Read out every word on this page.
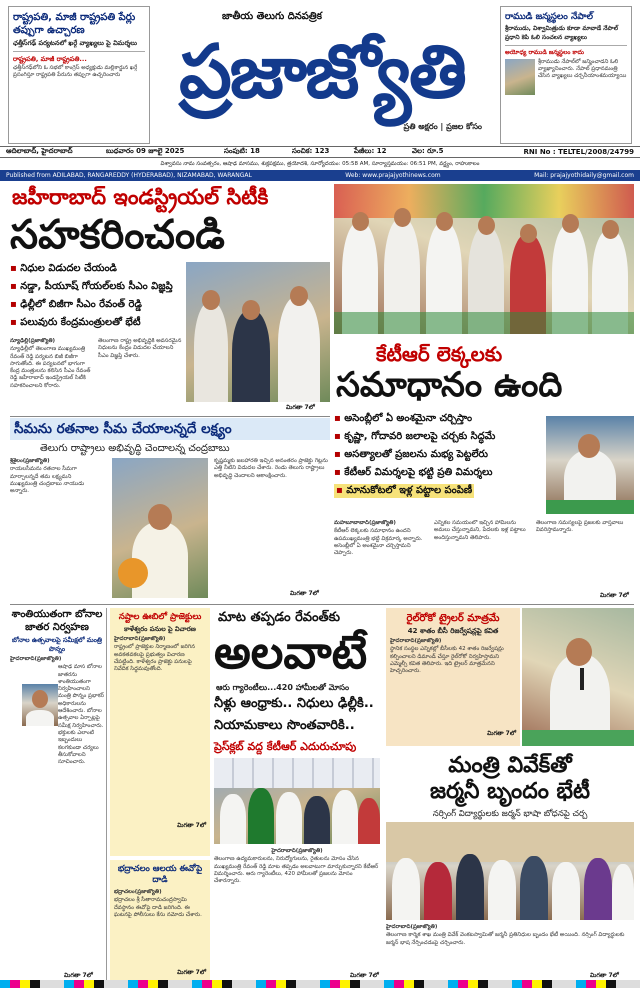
రాష్ట్రపతి, మాజీ రాష్ట్రపతి పేర్లు తప్పుగా ఉచ్చారణ
ఛత్తీస్‌గఢ్ పర్యటనలో ఖర్గే వ్యాఖ్యలు పై విమర్శలు
రాష్ట్రపతి, మాజీ రాష్ట్రపతి...
ఛత్తీస్‌గఢ్‌లోని ఓ సభలో కాంగ్రెస్ అధ్యక్షుడు మల్లికార్జున ఖర్గే ప్రసంగిస్తూ రాష్ట్రపతి పేరును తప్పుగా ఉచ్చరించారు
జాతీయ తెలుగు దినపత్రిక
ప్రజాజ్యోతి
ప్రతి అక్షరం | ప్రజల కోసం
రాముడి జన్మస్థలం నేపాల్
శ్రీరాముడు, విశ్వామిత్రుడు కూడా మావాడే నేపాల్ ప్రధాని కెపి ఓలి సంచలన వ్యాఖ్యలు
అయోధ్య రాముడి జన్మస్థలం కాదు
శ్రీరాముడు నేపాల్‌లో జన్మించాడని ఓలి వ్యాఖ్యానించారు. నేపాల్ ప్రధానమంత్రి చేసిన వ్యాఖ్యలు చర్చనీయాంశమయ్యాయి
ఆదిలాబాద్, హైదరాబాద్	బుధవారం 09 జూలై 2025	సంపుటి: 18	సంచిక: 123	పేజీలు: 12	వెల: రూ.5	RNI No : TELTEL/2008/24799
విశ్వావసు నామ సంవత్సరం, ఆషాఢ మాసము, శుక్లపక్షము, త్రయోదశి, సూర్యోదయం: 05:58 AM, సూర్యాస్తమయం: 06:51 PM, వర్జ్యం, రాహుకాలం
Published from ADILABAD, RANGAREDDY (HYDERABAD), NIZAMABAD, WARANGAL	Web: www.prajajyothinews.com	Mail: prajajyothidaily@gmail.com
జహీరాబాద్ ఇండస్ట్రియల్ సిటీకి
సహకరించండి
▪ నిధుల విడుదల చేయండి
▪ నడ్డా, పీయూష్ గోయల్‌లకు సీఎం విజ్ఞప్తి
▪ ఢిల్లీలో బిజీగా సీఎం రేవంత్ రెడ్డి
▪ పలువురు కేంద్రమంత్రులతో భేటీ

న్యూఢిల్లీ(ప్రజాజ్యోతి)

న్యూఢిల్లీలో తెలంగాణ ముఖ్యమంత్రి రేవంత్ రెడ్డి పర్యటన బిజీ బిజీగా సాగుతోంది. ఈ పర్యటనలో భాగంగా కేంద్ర మంత్రులను కలిసిన సీఎం రేవంత్ రెడ్డి జహీరాబాద్ ఇండస్ట్రియల్ సిటీకి సహకరించాలని కోరారు.

తెలంగాణ రాష్ట్ర అభివృద్ధికి అవసరమైన నిధులను కేంద్రం విడుదల చేయాలని సీఎం విజ్ఞప్తి చేశారు.

మిగతా 7లో
కేటీఆర్ లెక్కలకు
సమాధానం ఉంది
▪ అసెంబ్లీలో ఏ అంశమైనా చర్చిస్తాం
▪ కృష్ణా, గోదావరి జలాలపై చర్చకు సిద్ధమే
▪ అసత్యాలతో ప్రజలను మభ్య పెట్టలేరు
▪ కేటీఆర్ విమర్శలపై భట్టి ప్రతి విమర్శలు
▪ మానుకోటలో ఇళ్ల పట్టాల పంపిణీ

మహబూబాబాద్(ప్రజాజ్యోతి)

కేటీఆర్ లెక్కలకు సమాధానం ఉందని ఉపముఖ్యమంత్రి భట్టి విక్రమార్క అన్నారు. అసెంబ్లీలో ఏ అంశమైనా చర్చిస్తామని చెప్పారు.

ఎన్నికల సమయంలో ఇచ్చిన హామీలను అమలు చేస్తున్నామని, పేదలకు ఇళ్ల పట్టాలు అందిస్తున్నామని తెలిపారు.

తెలంగాణ సమస్యలపై ప్రజలకు వాస్తవాలు వివరిస్తామన్నారు.

మిగతా 7లో
సీమను రతనాల సీమ చేయాలన్నదే లక్ష్యం
తెలుగు రాష్ట్రాలు అభివృద్ధి చెందాలన్న చంద్రబాబు

శ్రీశైలం(ప్రజాజ్యోతి)

రాయలసీమను రతనాల సీమగా మార్చాలన్నదే తమ లక్ష్యమని ముఖ్యమంత్రి చంద్రబాబు నాయుడు అన్నారు.

కృష్ణమ్మకు జలహారతి ఇచ్చిన అనంతరం ప్రాజెక్టు గేట్లను ఎత్తి నీటిని విడుదల చేశారు. రెండు తెలుగు రాష్ట్రాలు అభివృద్ధి చెందాలని ఆకాంక్షించారు.

మిగతా 7లో
శాంతియుతంగా బోనాల జాతర నిర్వహణ
బోనాల ఉత్సవాలపై సమీక్షలో మంత్రి పొన్నం

హైదరాబాద్(ప్రజాజ్యోతి)

ఆషాఢ మాస బోనాల జాతరను శాంతియుతంగా నిర్వహించాలని మంత్రి పొన్నం ప్రభాకర్ అధికారులను ఆదేశించారు. బోనాల ఉత్సవాల ఏర్పాట్లపై సమీక్ష నిర్వహించారు. భక్తులకు ఎలాంటి ఇబ్బందులు కలగకుండా చర్యలు తీసుకోవాలని సూచించారు.

మిగతా 7లో
నష్టాల ఊబిలో ప్రాజెక్టులు
కాళేశ్వరం పనుల పై విచారణ

హైదరాబాద్(ప్రజాజ్యోతి)

రాష్ట్రంలో ప్రాజెక్టుల నిర్మాణంలో జరిగిన అవకతవకలపై ప్రభుత్వం విచారణ చేపట్టింది. కాళేశ్వరం ప్రాజెక్టు పనులపై నివేదిక సిద్ధమవుతోంది.

మిగతా 7లో
భద్రాచలం ఆలయ ఈవోపై దాడి

భద్రాచలం(ప్రజాజ్యోతి)

భద్రాచలం శ్రీ సీతారామచంద్రస్వామి దేవస్థానం ఈవోపై దాడి జరిగింది. ఈ ఘటనపై పోలీసులు కేసు నమోదు చేశారు.

మిగతా 7లో
మాట తప్పడం రేవంత్‌కు
అలవాటే
ఆరు గ్యారెంటీలు...420 హామీలతో మోసం
నీళ్లు ఆంధ్రాకు.. నిధులు ఢిల్లీకి..
నియామకాలు సొంతవారికి..
ప్రెస్‌క్లబ్ వద్ద కేటీఆర్ ఎదురుచూపు

హైదరాబాద్(ప్రజాజ్యోతి)

తెలంగాణ ఉద్యమకారులను, నిరుద్యోగులను, రైతులను మోసం చేసిన ముఖ్యమంత్రి రేవంత్ రెడ్డి మాట తప్పడం అలవాటుగా మార్చుకున్నారని కేటీఆర్ విమర్శించారు. ఆరు గ్యారెంటీలు, 420 హామీలతో ప్రజలను మోసం చేశారన్నారు.

మిగతా 7లో
రైల్‌రోకో ట్రైలర్ మాత్రమే
42 శాతం బీసీ రిజర్వేషన్లపై కవిత

హైదరాబాద్(ప్రజాజ్యోతి)

స్థానిక సంస్థల ఎన్నికల్లో బీసీలకు 42 శాతం రిజర్వేషన్లు కల్పించాలని డిమాండ్ చేస్తూ రైల్‌రోకో నిర్వహిస్తామని ఎమ్మెల్సీ కవిత తెలిపారు. ఇది ట్రైలర్ మాత్రమేనని హెచ్చరించారు.

మిగతా 7లో
మంత్రి వివేక్‌తో
జర్మనీ బృందం భేటీ
నర్సింగ్ విద్యార్థులకు జర్మన్ భాషా బోధనపై చర్చ

హైదరాబాద్(ప్రజాజ్యోతి)

తెలంగాణ కార్మిక శాఖ మంత్రి వివేక్ వెంకటస్వామితో జర్మనీ ప్రతినిధుల బృందం భేటీ అయింది. నర్సింగ్ విద్యార్థులకు జర్మన్ భాష నేర్పించడంపై చర్చించారు.

మిగతా 7లో
